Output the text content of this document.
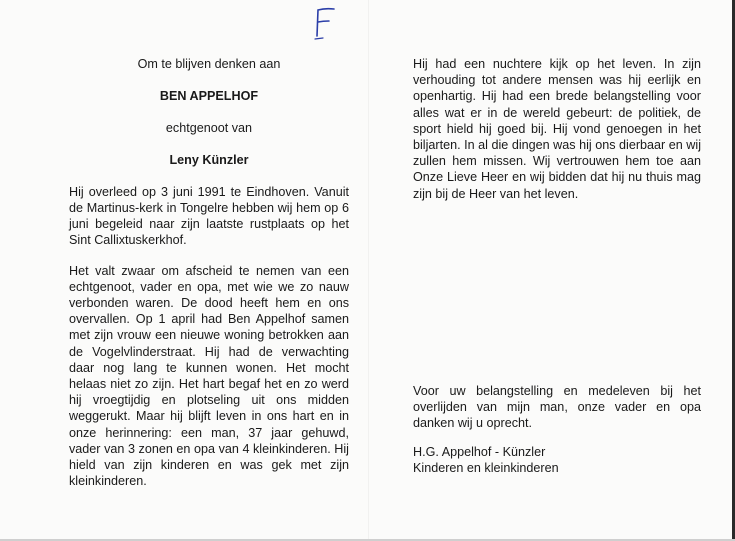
Om te blijven denken aan
BEN APPELHOF
echtgenoot van
Leny Künzler

Hij overleed op 3 juni 1991 te Eindhoven. Vanuit de Martinus-kerk in Tongelre hebben wij hem op 6 juni begeleid naar zijn laatste rustplaats op het Sint Callixtuskerkhof.

Het valt zwaar om afscheid te nemen van een echtgenoot, vader en opa, met wie we zo nauw verbonden waren. De dood heeft hem en ons overvallen. Op 1 april had Ben Appelhof samen met zijn vrouw een nieuwe woning betrokken aan de Vogelvlinderstraat. Hij had de verwachting daar nog lang te kunnen wonen. Het mocht helaas niet zo zijn. Het hart begaf het en zo werd hij vroegtijdig en plotseling uit ons midden weggerukt. Maar hij blijft leven in ons hart en in onze herinnering: een man, 37 jaar gehuwd, vader van 3 zonen en opa van 4 kleinkinderen. Hij hield van zijn kinderen en was gek met zijn kleinkinderen.

Hij had een nuchtere kijk op het leven. In zijn verhouding tot andere mensen was hij eerlijk en openhartig. Hij had een brede belangstelling voor alles wat er in de wereld gebeurt: de politiek, de sport hield hij goed bij. Hij vond genoegen in het biljarten. In al die dingen was hij ons dierbaar en wij zullen hem missen. Wij vertrouwen hem toe aan Onze Lieve Heer en wij bidden dat hij nu thuis mag zijn bij de Heer van het leven.

Voor uw belangstelling en medeleven bij het overlijden van mijn man, onze vader en opa danken wij u oprecht.

H.G. Appelhof - Künzler

Kinderen en kleinkinderen
